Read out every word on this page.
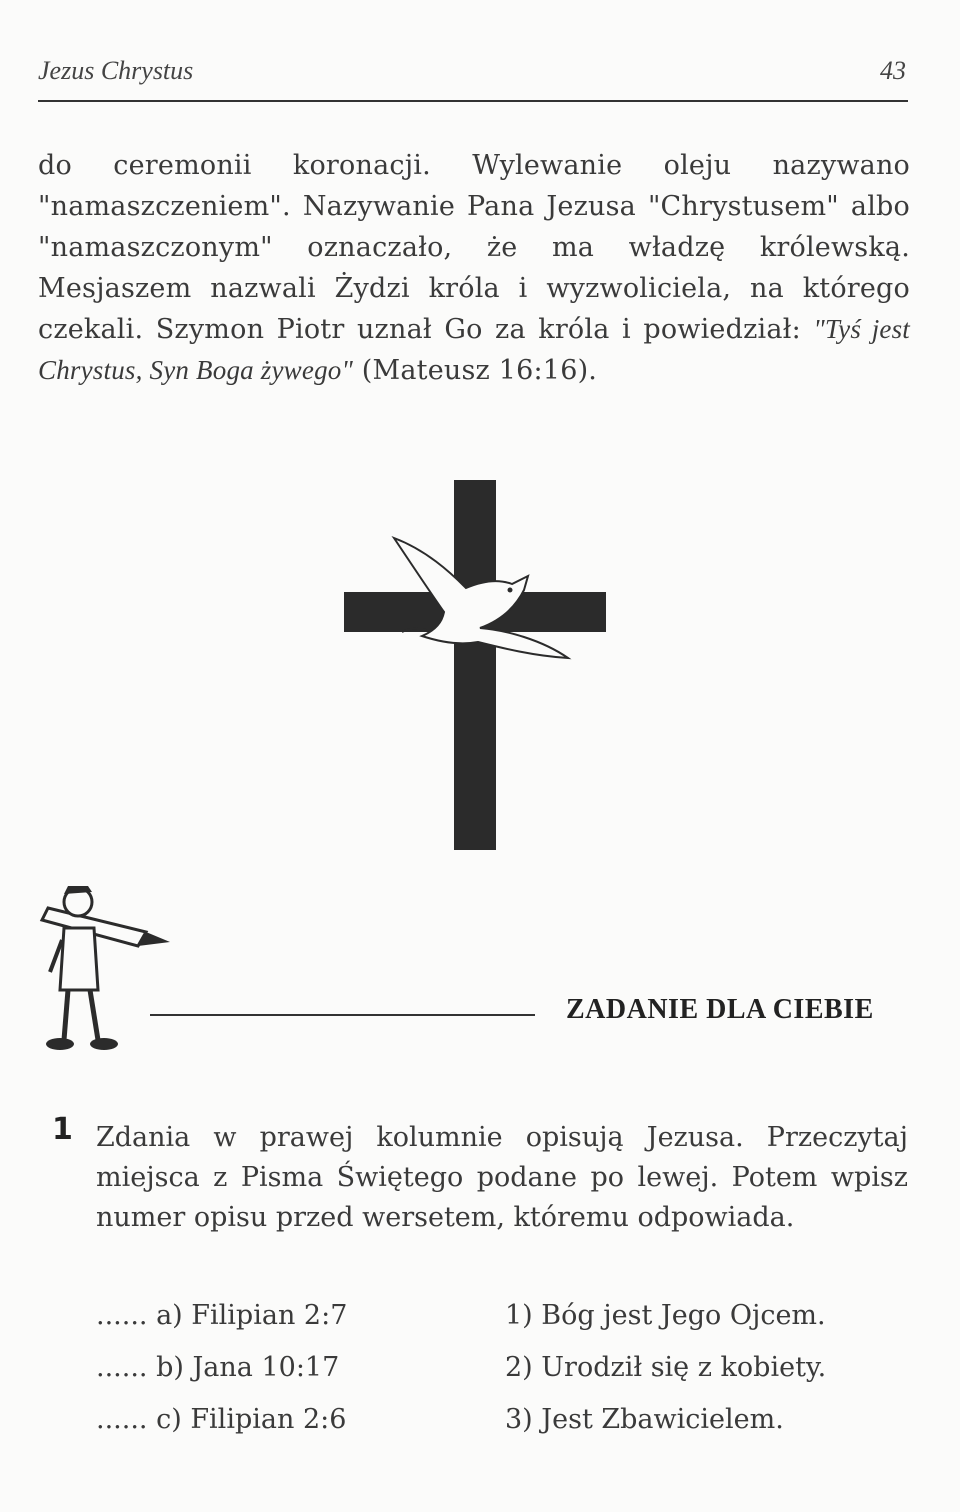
Jezus Chrystus	43

do ceremonii koronacji. Wylewanie oleju nazywano "namaszczeniem". Nazywanie Pana Jezusa "Chrystusem" albo "namaszczonym" oznaczało, że ma władzę królewską. Mesjaszem nazwali Żydzi króla i wyzwoliciela, na którego czekali. Szymon Piotr uznał Go za króla i powiedział: "Tyś jest Chrystus, Syn Boga żywego" (Mateusz 16:16).

ZADANIE DLA CIEBIE
1 Zdania w prawej kolumnie opisują Jezusa. Przeczytaj miejsca z Pisma Świętego podane po lewej. Potem wpisz numer opisu przed wersetem, któremu odpowiada.

...... a) Filipian 2:7
...... b) Jana 10:17
...... c) Filipian 2:6
1) Bóg jest Jego Ojcem.
2) Urodził się z kobiety.
3) Jest Zbawicielem.
